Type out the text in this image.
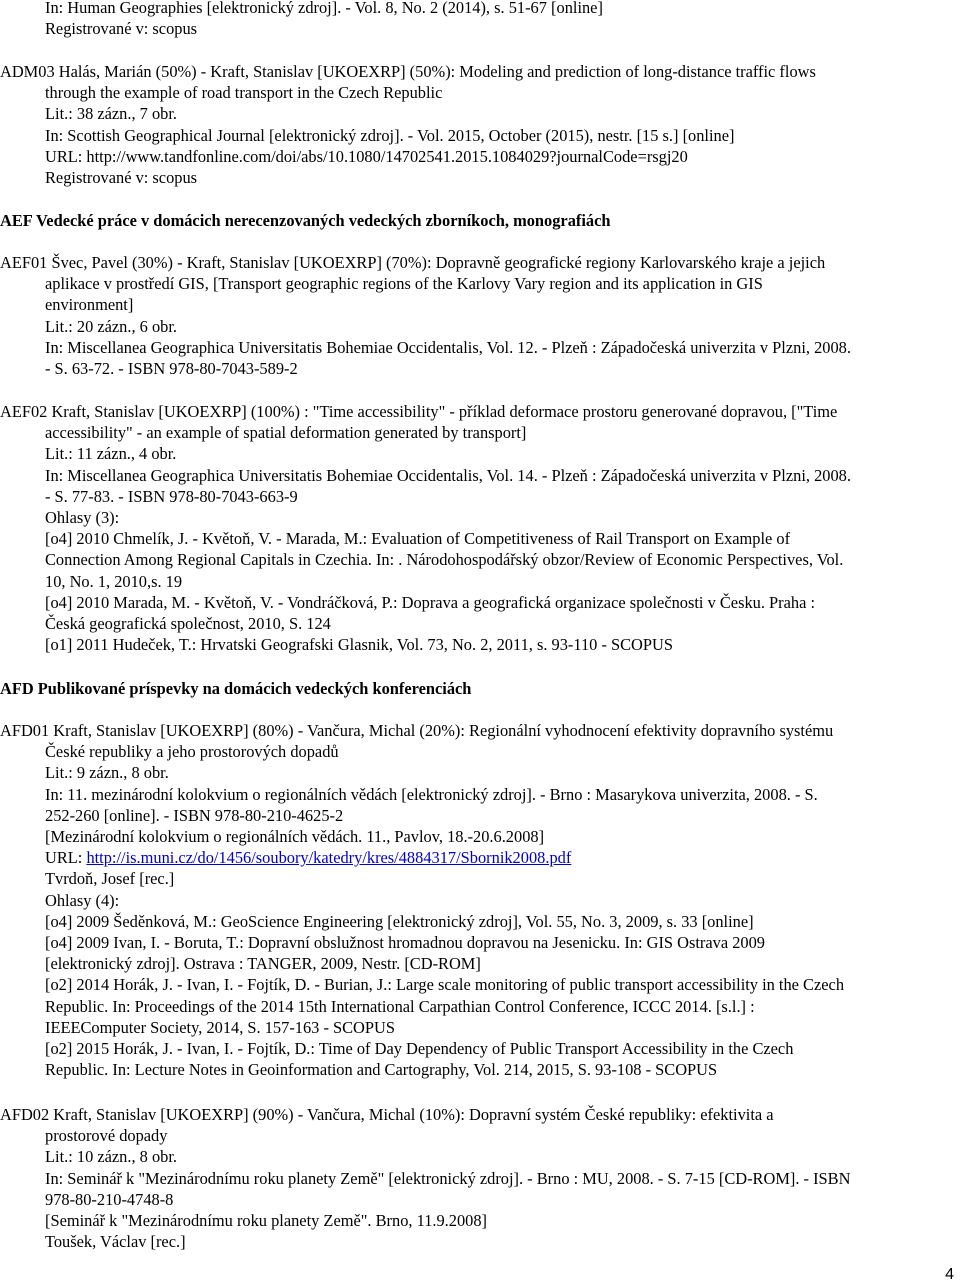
In: Human Geographies [elektronický zdroj]. - Vol. 8, No. 2 (2014), s. 51-67 [online]
Registrované v: scopus
ADM03 Halás, Marián (50%) - Kraft, Stanislav [UKOEXRP] (50%): Modeling and prediction of long-distance traffic flows
through the example of road transport in the Czech Republic
Lit.: 38 zázn., 7 obr.
In: Scottish Geographical Journal [elektronický zdroj]. - Vol. 2015, October (2015), nestr. [15 s.] [online]
URL: http://www.tandfonline.com/doi/abs/10.1080/14702541.2015.1084029?journalCode=rsgj20
Registrované v: scopus
AEF Vedecké práce v domácich nerecenzovaných vedeckých zborníkoch, monografiách
AEF01 Švec, Pavel (30%) - Kraft, Stanislav [UKOEXRP] (70%): Dopravně geografické regiony Karlovarského kraje a jejich
aplikace v prostředí GIS, [Transport geographic regions of the Karlovy Vary region and its application in GIS
environment]
Lit.: 20 zázn., 6 obr.
In: Miscellanea Geographica Universitatis Bohemiae Occidentalis, Vol. 12. - Plzeň : Západočeská univerzita v Plzni, 2008.
- S. 63-72. - ISBN 978-80-7043-589-2
AEF02 Kraft, Stanislav [UKOEXRP] (100%) : "Time accessibility" - příklad deformace prostoru generované dopravou, ["Time
accessibility" - an example of spatial deformation generated by transport]
Lit.: 11 zázn., 4 obr.
In: Miscellanea Geographica Universitatis Bohemiae Occidentalis, Vol. 14. - Plzeň : Západočeská univerzita v Plzni, 2008.
- S. 77-83. - ISBN 978-80-7043-663-9
Ohlasy (3):
[o4] 2010 Chmelík, J. - Květoň, V. - Marada, M.: Evaluation of Competitiveness of Rail Transport on Example of
Connection Among Regional Capitals in Czechia. In: . Národohospodářský obzor/Review of Economic Perspectives, Vol.
10, No. 1, 2010,s. 19
[o4] 2010 Marada, M. - Květoň, V. - Vondráčková, P.: Doprava a geografická organizace společnosti v Česku. Praha :
Česká geografická společnost, 2010, S. 124
[o1] 2011 Hudeček, T.: Hrvatski Geografski Glasnik, Vol. 73, No. 2, 2011, s. 93-110 - SCOPUS
AFD Publikované príspevky na domácich vedeckých konferenciách
AFD01 Kraft, Stanislav [UKOEXRP] (80%) - Vančura, Michal (20%): Regionální vyhodnocení efektivity dopravního systému
České republiky a jeho prostorových dopadů
Lit.: 9 zázn., 8 obr.
In: 11. mezinárodní kolokvium o regionálních vědách [elektronický zdroj]. - Brno : Masarykova univerzita, 2008. - S.
252-260 [online]. - ISBN 978-80-210-4625-2
[Mezinárodní kolokvium o regionálních vědách. 11., Pavlov, 18.-20.6.2008]
URL: http://is.muni.cz/do/1456/soubory/katedry/kres/4884317/Sbornik2008.pdf
Tvrdoň, Josef [rec.]
Ohlasy (4):
[o4] 2009 Šeděnková, M.: GeoScience Engineering [elektronický zdroj], Vol. 55, No. 3, 2009, s. 33 [online]
[o4] 2009 Ivan, I. - Boruta, T.: Dopravní obslužnost hromadnou dopravou na Jesenicku. In: GIS Ostrava 2009
[elektronický zdroj]. Ostrava : TANGER, 2009, Nestr. [CD-ROM]
[o2] 2014 Horák, J. - Ivan, I. - Fojtík, D. - Burian, J.: Large scale monitoring of public transport accessibility in the Czech
Republic. In: Proceedings of the 2014 15th International Carpathian Control Conference, ICCC 2014. [s.l.] :
IEEEComputer Society, 2014, S. 157-163 - SCOPUS
[o2] 2015 Horák, J. - Ivan, I. - Fojtík, D.: Time of Day Dependency of Public Transport Accessibility in the Czech
Republic. In: Lecture Notes in Geoinformation and Cartography, Vol. 214, 2015, S. 93-108 - SCOPUS
AFD02 Kraft, Stanislav [UKOEXRP] (90%) - Vančura, Michal (10%): Dopravní systém České republiky: efektivita a
prostorové dopady
Lit.: 10 zázn., 8 obr.
In: Seminář k "Mezinárodnímu roku planety Země" [elektronický zdroj]. - Brno : MU, 2008. - S. 7-15 [CD-ROM]. - ISBN
978-80-210-4748-8
[Seminář k "Mezinárodnímu roku planety Země". Brno, 11.9.2008]
Toušek, Václav [rec.]
4
